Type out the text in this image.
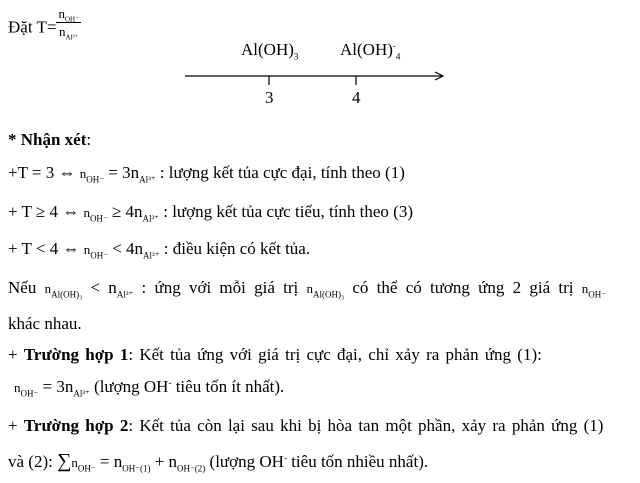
Đặt $T= \frac{n_{OH^-}}{n_{Al^{3+}}}$
$Al(OH)_3$ $Al(OH)^-_4$
3	4
* Nhận xét:
+T = 3 ⇔ $n_{OH^-} = 3n_{Al^{3+}}$ : lượng kết tủa cực đại, tính theo (1)
+ T ≥ 4 ⇔ $n_{OH^-} \ge 4n_{Al^{3+}}$ : lượng kết tủa cực tiểu, tính theo (3)
+ T < 4 ⇔ $n_{OH^-} < 4n_{Al^{3+}}$ : điều kiện có kết tủa.
Nếu $n_{Al(OH)_3} < n_{Al^{3+}}$ : ứng với mỗi giá trị $n_{Al(OH)_3}$ có thể có tương ứng 2 giá trị $n_{OH^-}$
khác nhau.
+ Trường hợp 1: Kết tủa ứng với giá trị cực đại, chỉ xảy ra phản ứng (1):
$n_{OH^-} = 3n_{Al^{3+}}$ (lượng OH- tiêu tốn ít nhất).
+ Trường hợp 2: Kết tủa còn lại sau khi bị hòa tan một phần, xảy ra phản ứng (1)
và (2): $\sum n_{OH^-} = n_{OH^-(1)} + n_{OH^-(2)}$ (lượng OH- tiêu tốn nhiều nhất).
